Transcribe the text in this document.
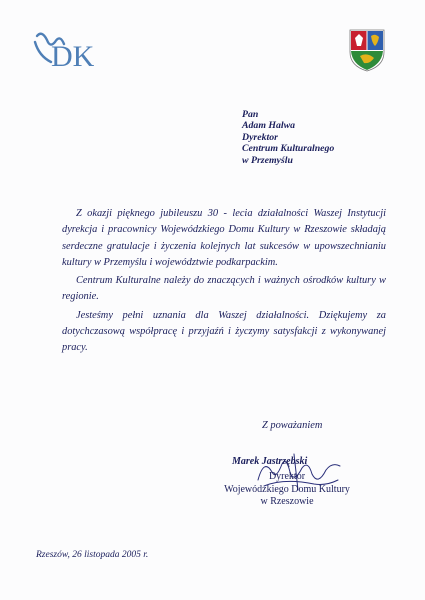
DK
Pan
Adam Halwa
Dyrektor
Centrum Kulturalnego
w Przemyślu

Z okazji pięknego jubileuszu 30 - lecia działalności Waszej Instytucji dyrekcja i pracownicy Wojewódzkiego Domu Kultury w Rzeszowie składają serdeczne gratulacje i życzenia kolejnych lat sukcesów w upowszechnianiu kultury w Przemyślu i województwie podkarpackim.

Centrum Kulturalne należy do znaczących i ważnych ośrodków kultury w regionie.

Jesteśmy pełni uznania dla Waszej działalności. Dziękujemy za dotychczasową współpracę i przyjaźń i życzymy satysfakcji z wykonywanej pracy.

Z poważaniem
Marek Jastrzębski
Dyrektor
Wojewódzkiego Domu Kultury
w Rzeszowie
Rzeszów, 26 listopada 2005 r.
